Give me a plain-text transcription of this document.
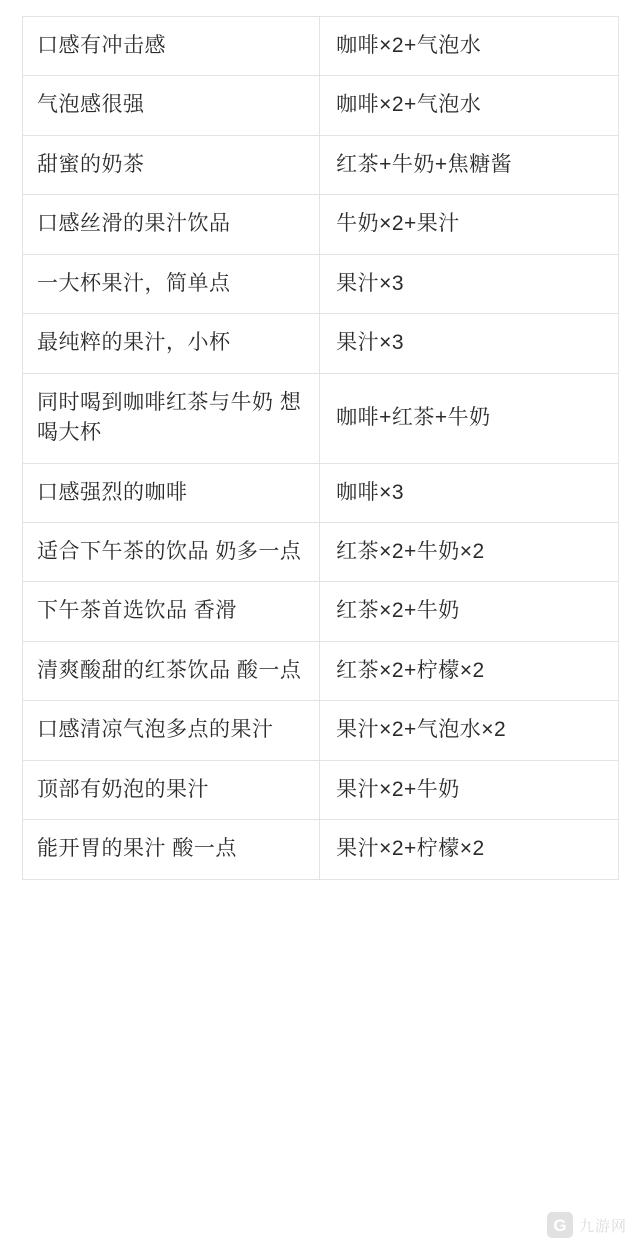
口感有冲击感	咖啡×2+气泡水
气泡感很强	咖啡×2+气泡水
甜蜜的奶茶	红茶+牛奶+焦糖酱
口感丝滑的果汁饮品	牛奶×2+果汁
一大杯果汁，简单点	果汁×3
最纯粹的果汁，小杯	果汁×3
同时喝到咖啡红茶与牛奶 想喝大杯	咖啡+红茶+牛奶
口感强烈的咖啡	咖啡×3
适合下午茶的饮品 奶多一点	红茶×2+牛奶×2
下午茶首选饮品 香滑	红茶×2+牛奶
清爽酸甜的红茶饮品 酸一点	红茶×2+柠檬×2
口感清凉气泡多点的果汁	果汁×2+气泡水×2
顶部有奶泡的果汁	果汁×2+牛奶
能开胃的果汁 酸一点	果汁×2+柠檬×2
G 九游网
